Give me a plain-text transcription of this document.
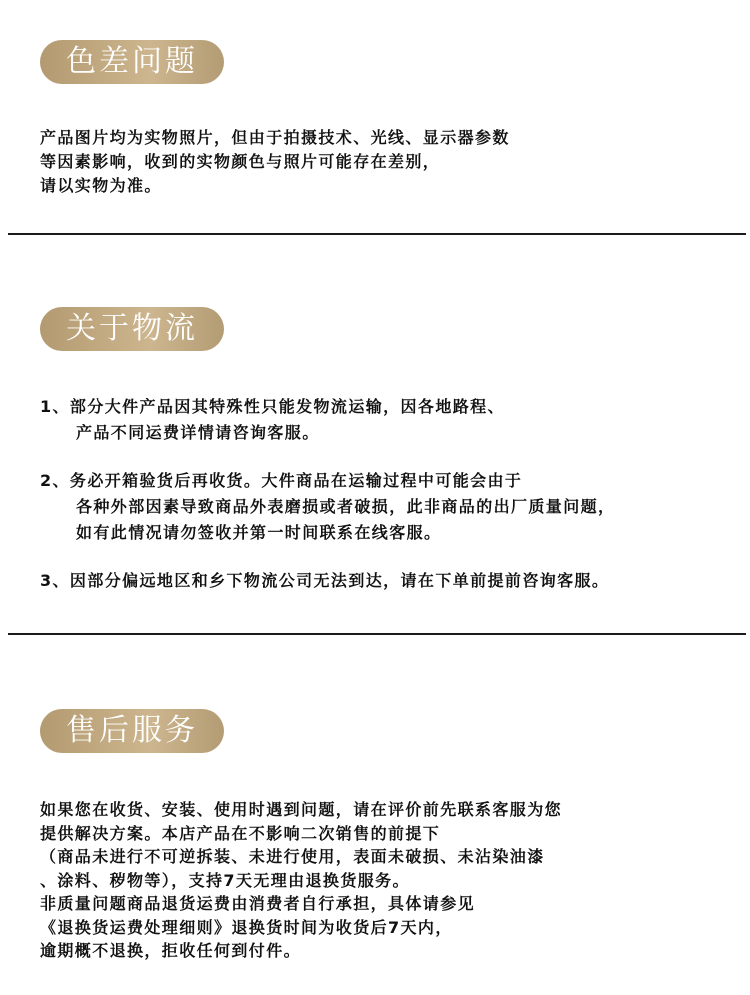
色差问题
产品图片均为实物照片，但由于拍摄技术、光线、显示器参数
等因素影响，收到的实物颜色与照片可能存在差别，
请以实物为准。
关于物流
1、部分大件产品因其特殊性只能发物流运输，因各地路程、
产品不同运费详情请咨询客服。
2、务必开箱验货后再收货。大件商品在运输过程中可能会由于
各种外部因素导致商品外表磨损或者破损，此非商品的出厂质量问题，
如有此情况请勿签收并第一时间联系在线客服。
3、因部分偏远地区和乡下物流公司无法到达，请在下单前提前咨询客服。
售后服务
如果您在收货、安装、使用时遇到问题，请在评价前先联系客服为您
提供解决方案。本店产品在不影响二次销售的前提下
（商品未进行不可逆拆装、未进行使用，表面未破损、未沾染油漆
、涂料、秽物等），支持7天无理由退换货服务。
非质量问题商品退货运费由消费者自行承担，具体请参见
《退换货运费处理细则》退换货时间为收货后7天内，
逾期概不退换，拒收任何到付件。
